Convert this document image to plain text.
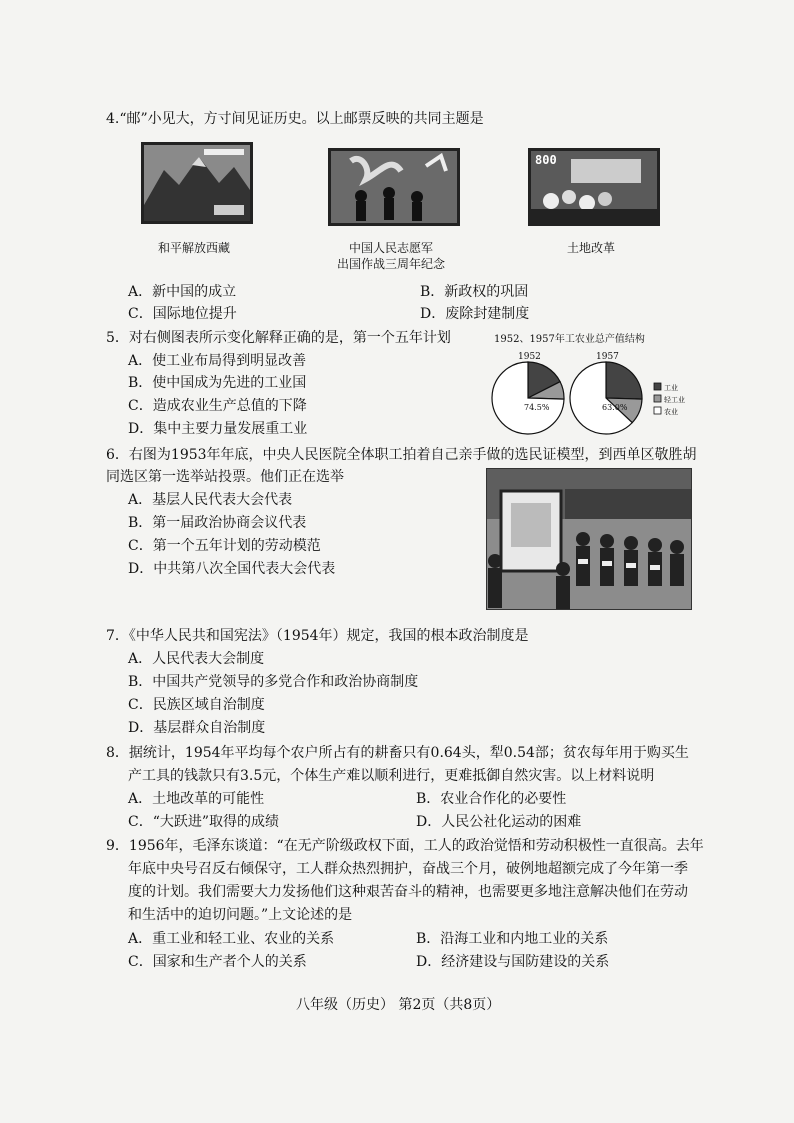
4.“邮”小见大，方寸间见证历史。以上邮票反映的共同主题是
和平解放西藏	中国人民志愿军
出国作战三周年纪念
800
土地改革
A．新中国的成立	B．新政权的巩固
C．国际地位提升	D．废除封建制度
5．对右侧图表所示变化解释正确的是，第一个五年计划
A．使工业布局得到明显改善
B．使中国成为先进的工业国
C．造成农业生产总值的下降
D．集中主要力量发展重工业
1952、1957年工农业总产值结构
1952
74.5%
1957
63.0%
工业
轻工业
农业
6．右图为1953年年底，中央人民医院全体职工拍着自己亲手做的选民证模型，到西单区敬胜胡
同选区第一选举站投票。他们正在选举
A．基层人民代表大会代表
B．第一届政治协商会议代表
C．第一个五年计划的劳动模范
D．中共第八次全国代表大会代表
7．《中华人民共和国宪法》（1954年）规定，我国的根本政治制度是
A．人民代表大会制度
B．中国共产党领导的多党合作和政治协商制度
C．民族区域自治制度
D．基层群众自治制度
8．据统计，1954年平均每个农户所占有的耕畜只有0.64头，犁0.54部；贫农每年用于购买生
产工具的钱款只有3.5元，个体生产难以顺利进行，更难抵御自然灾害。以上材料说明
A．土地改革的可能性	B．农业合作化的必要性
C．“大跃进”取得的成绩	D．人民公社化运动的困难
9．1956年，毛泽东谈道：“在无产阶级政权下面，工人的政治觉悟和劳动积极性一直很高。去年
年底中央号召反右倾保守，工人群众热烈拥护，奋战三个月，破例地超额完成了今年第一季
度的计划。我们需要大力发扬他们这种艰苦奋斗的精神，也需要更多地注意解决他们在劳动
和生活中的迫切问题。”上文论述的是
A．重工业和轻工业、农业的关系	B．沿海工业和内地工业的关系
C．国家和生产者个人的关系	D．经济建设与国防建设的关系
八年级（历史） 第2页（共8页）
